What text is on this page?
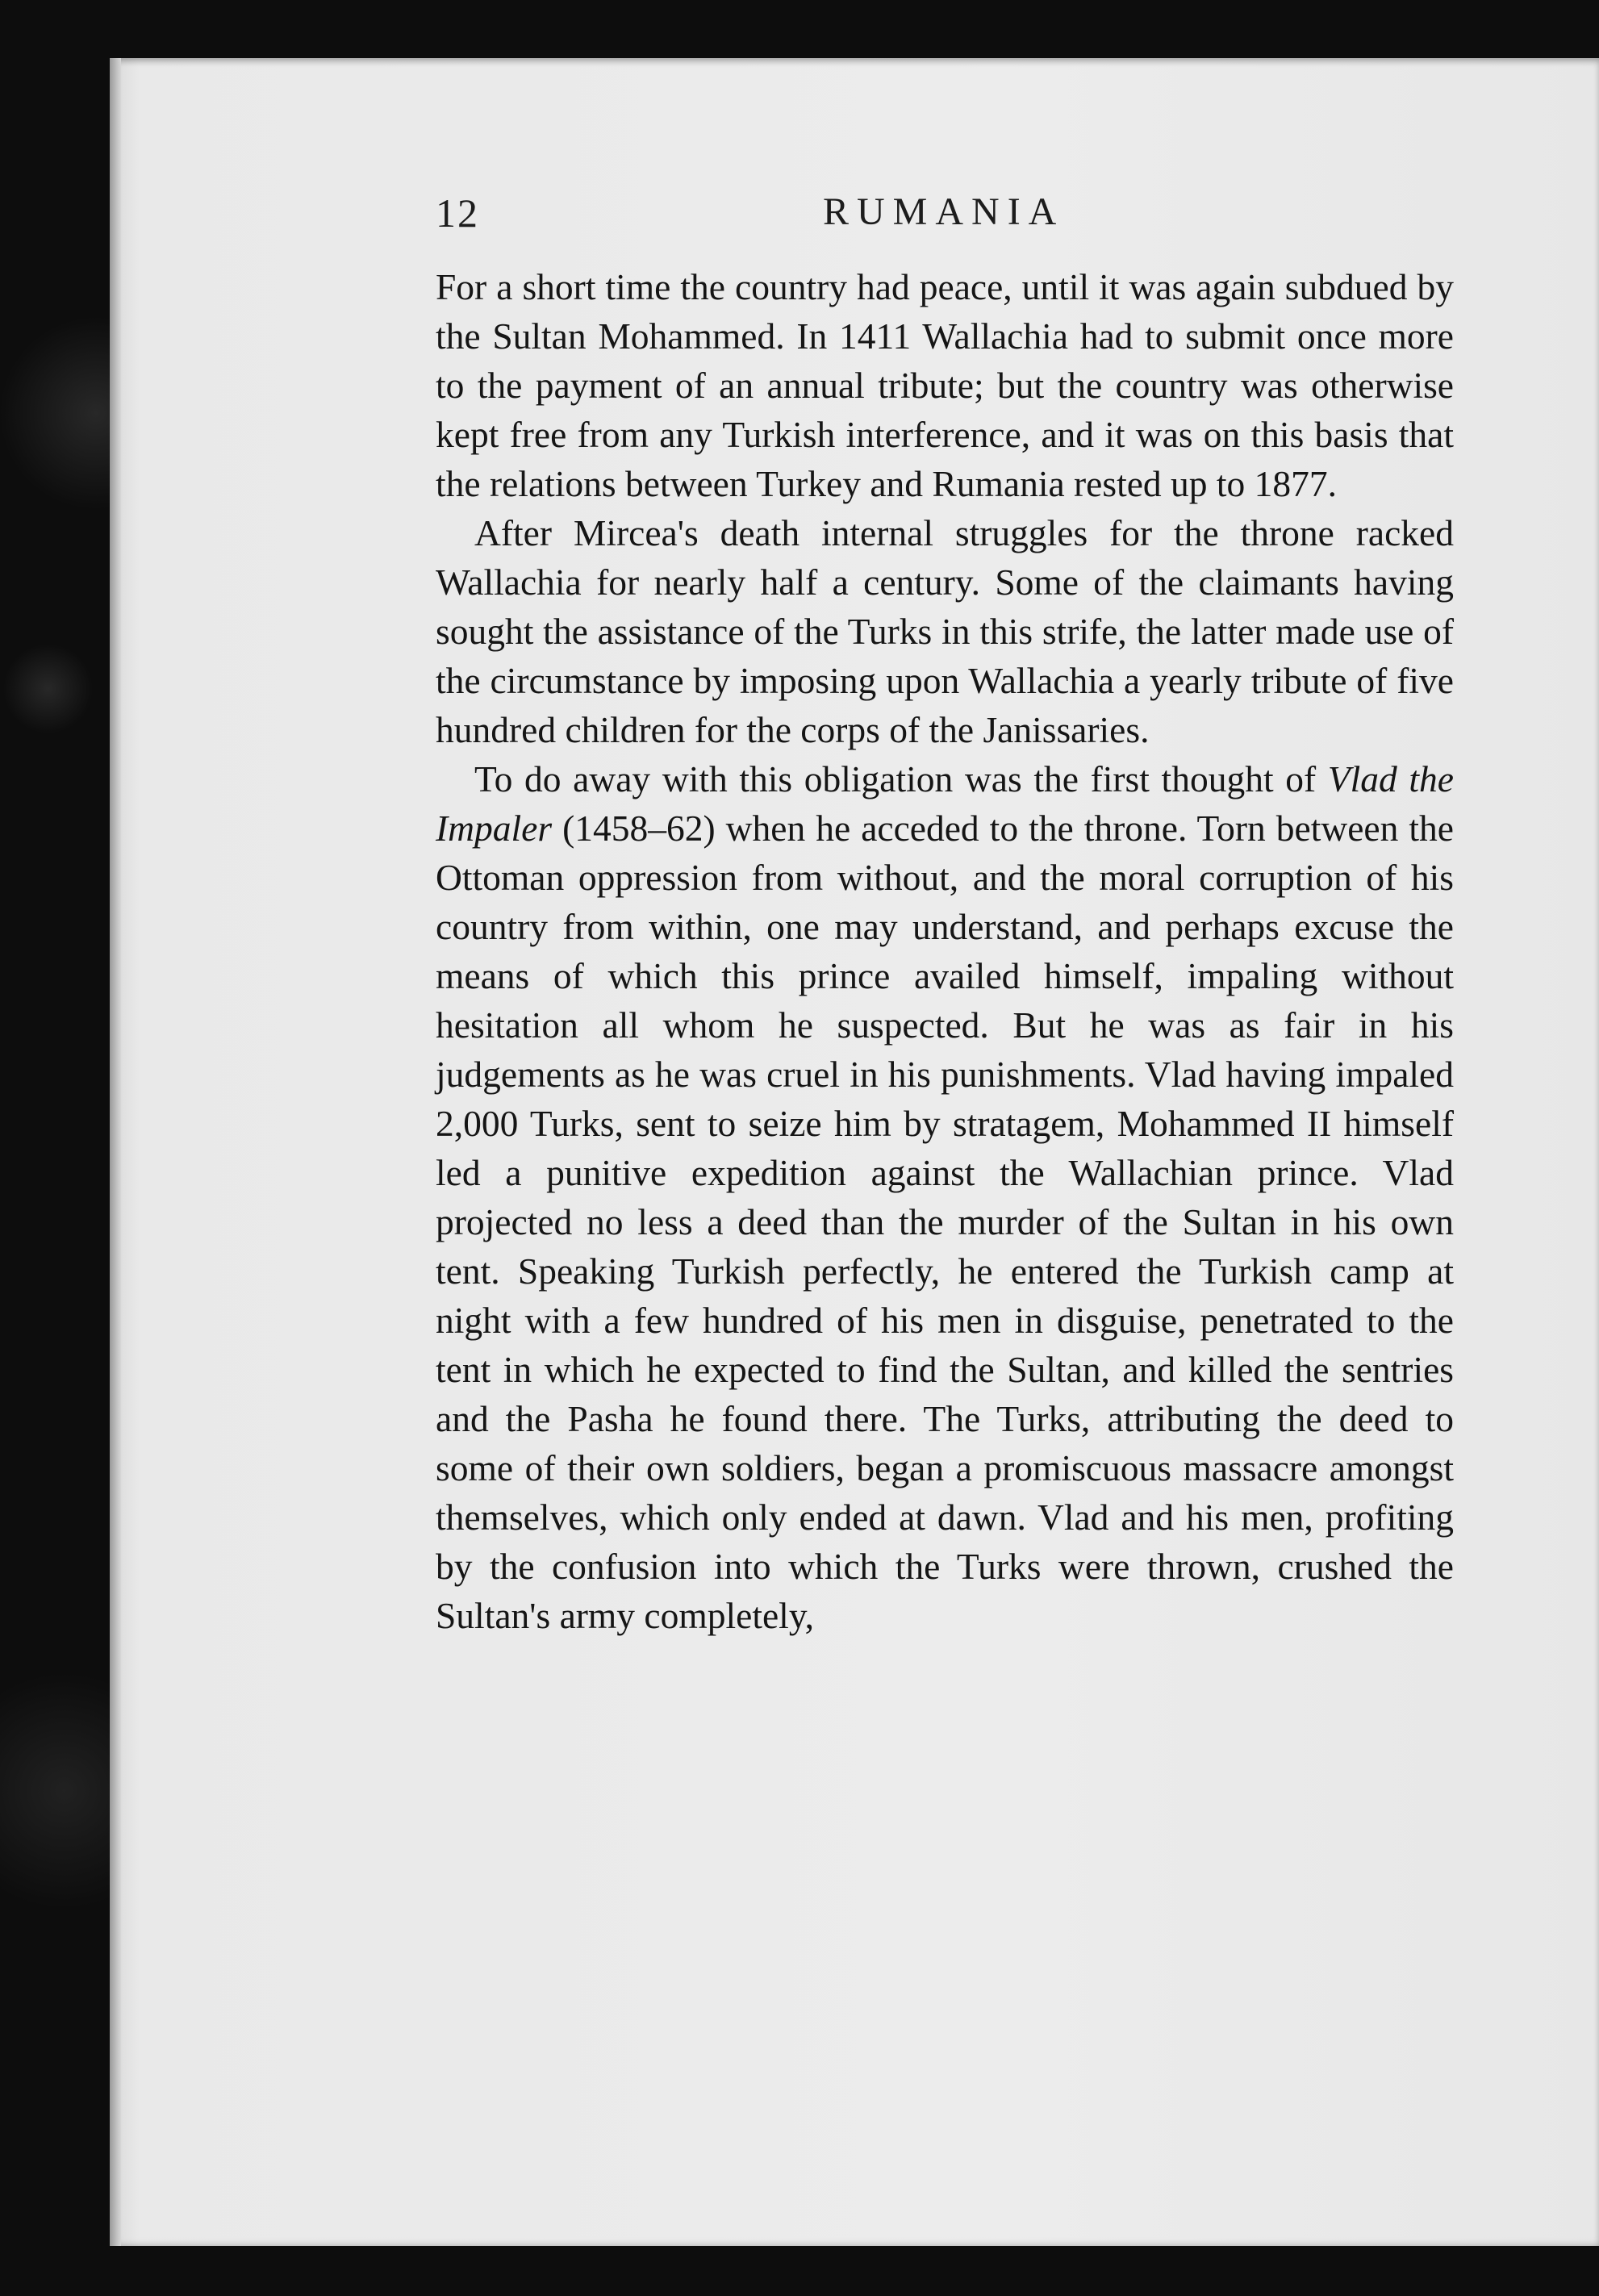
12	RUMANIA

For a short time the country had peace, until it was again subdued by the Sultan Mohammed. In 1411 Wallachia had to submit once more to the payment of an annual tribute; but the country was otherwise kept free from any Turkish interference, and it was on this basis that the relations between Turkey and Rumania rested up to 1877.

After Mircea's death internal struggles for the throne racked Wallachia for nearly half a century. Some of the claimants having sought the assistance of the Turks in this strife, the latter made use of the circumstance by imposing upon Wallachia a yearly tribute of five hundred children for the corps of the Janissaries.

To do away with this obligation was the first thought of Vlad the Impaler (1458–62) when he acceded to the throne. Torn between the Ottoman oppression from without, and the moral corruption of his country from within, one may understand, and perhaps excuse the means of which this prince availed himself, impaling without hesitation all whom he suspected. But he was as fair in his judgements as he was cruel in his punishments. Vlad having impaled 2,000 Turks, sent to seize him by stratagem, Mohammed II himself led a punitive expedition against the Wallachian prince. Vlad projected no less a deed than the murder of the Sultan in his own tent. Speaking Turkish perfectly, he entered the Turkish camp at night with a few hundred of his men in disguise, penetrated to the tent in which he expected to find the Sultan, and killed the sentries and the Pasha he found there. The Turks, attributing the deed to some of their own soldiers, began a promiscuous massacre amongst themselves, which only ended at dawn. Vlad and his men, profiting by the confusion into which the Turks were thrown, crushed the Sultan's army completely,
